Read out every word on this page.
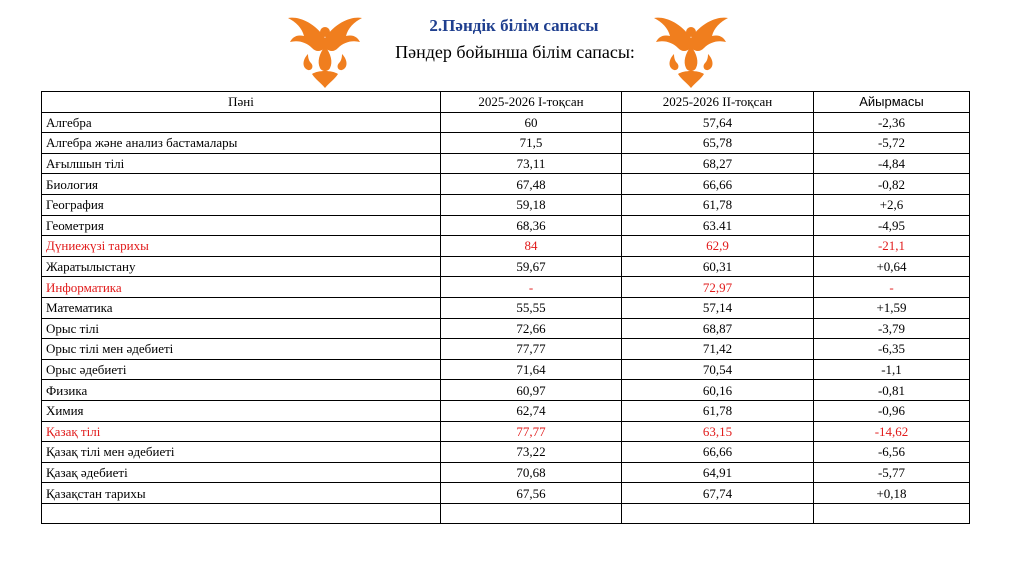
2.Пәндік білім сапасы
Пәндер бойынша білім сапасы:
Пәні	2025-2026 І-тоқсан	2025-2026 ІІ-тоқсан	Айырмасы
Алгебра	60	57,64	-2,36
Алгебра және анализ бастамалары	71,5	65,78	-5,72
Ағылшын тілі	73,11	68,27	-4,84
Биология	67,48	66,66	-0,82
География	59,18	61,78	+2,6
Геометрия	68,36	63.41	-4,95
Дүниежүзі тарихы	84	62,9	-21,1
Жаратылыстану	59,67	60,31	+0,64
Информатика	-	72,97	-
Математика	55,55	57,14	+1,59
Орыс тілі	72,66	68,87	-3,79
Орыс тілі мен әдебиеті	77,77	71,42	-6,35
Орыс әдебиеті	71,64	70,54	-1,1
Физика	60,97	60,16	-0,81
Химия	62,74	61,78	-0,96
Қазақ тілі	77,77	63,15	-14,62
Қазақ тілі мен әдебиеті	73,22	66,66	-6,56
Қазақ әдебиеті	70,68	64,91	-5,77
Қазақстан тарихы	67,56	67,74	+0,18
